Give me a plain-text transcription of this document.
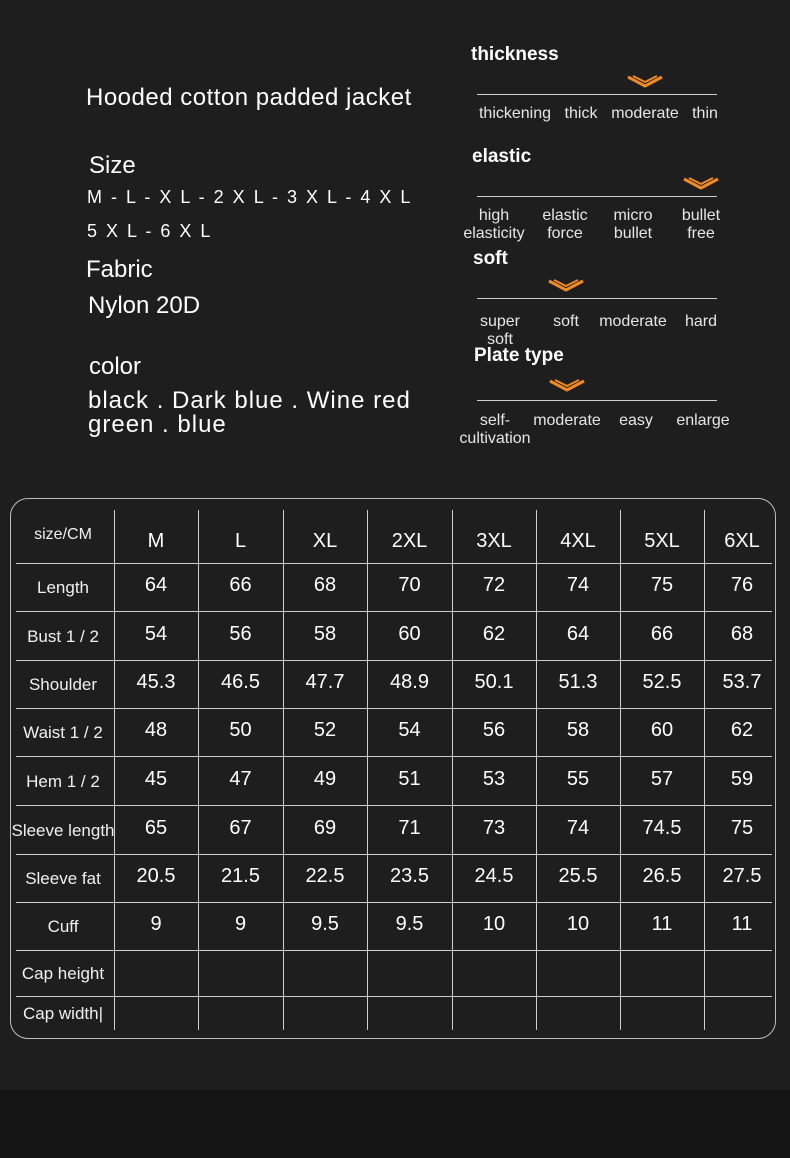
Hooded cotton padded jacket
Size
M - L - X L - 2 X L - 3 X L - 4 X L
5 X L - 6 X L
Fabric
Nylon 20D
color
black . Dark blue . Wine red
green . blue
thickness
thickening thick moderate thin
elastic
high
elasticity
elastic
force
micro
bullet
bullet
free
soft
super
soft
soft	moderate	hard
Plate type
self-
cultivation
moderate	easy	enlarge
size/CM	M	L	XL	2XL	3XL	4XL	5XL	6XL
Length	64	66	68	70	72	74	75	76
Bust 1 / 2	54	56	58	60	62	64	66	68
Shoulder	45.3	46.5	47.7	48.9	50.1	51.3	52.5	53.7
Waist 1 / 2	48	50	52	54	56	58	60	62
Hem 1 / 2	45	47	49	51	53	55	57	59
Sleeve length	65	67	69	71	73	74	74.5	75
Sleeve fat	20.5	21.5	22.5	23.5	24.5	25.5	26.5	27.5
Cuff	9	9	9.5	9.5	10	10	11	11
Cap height
Cap width|
